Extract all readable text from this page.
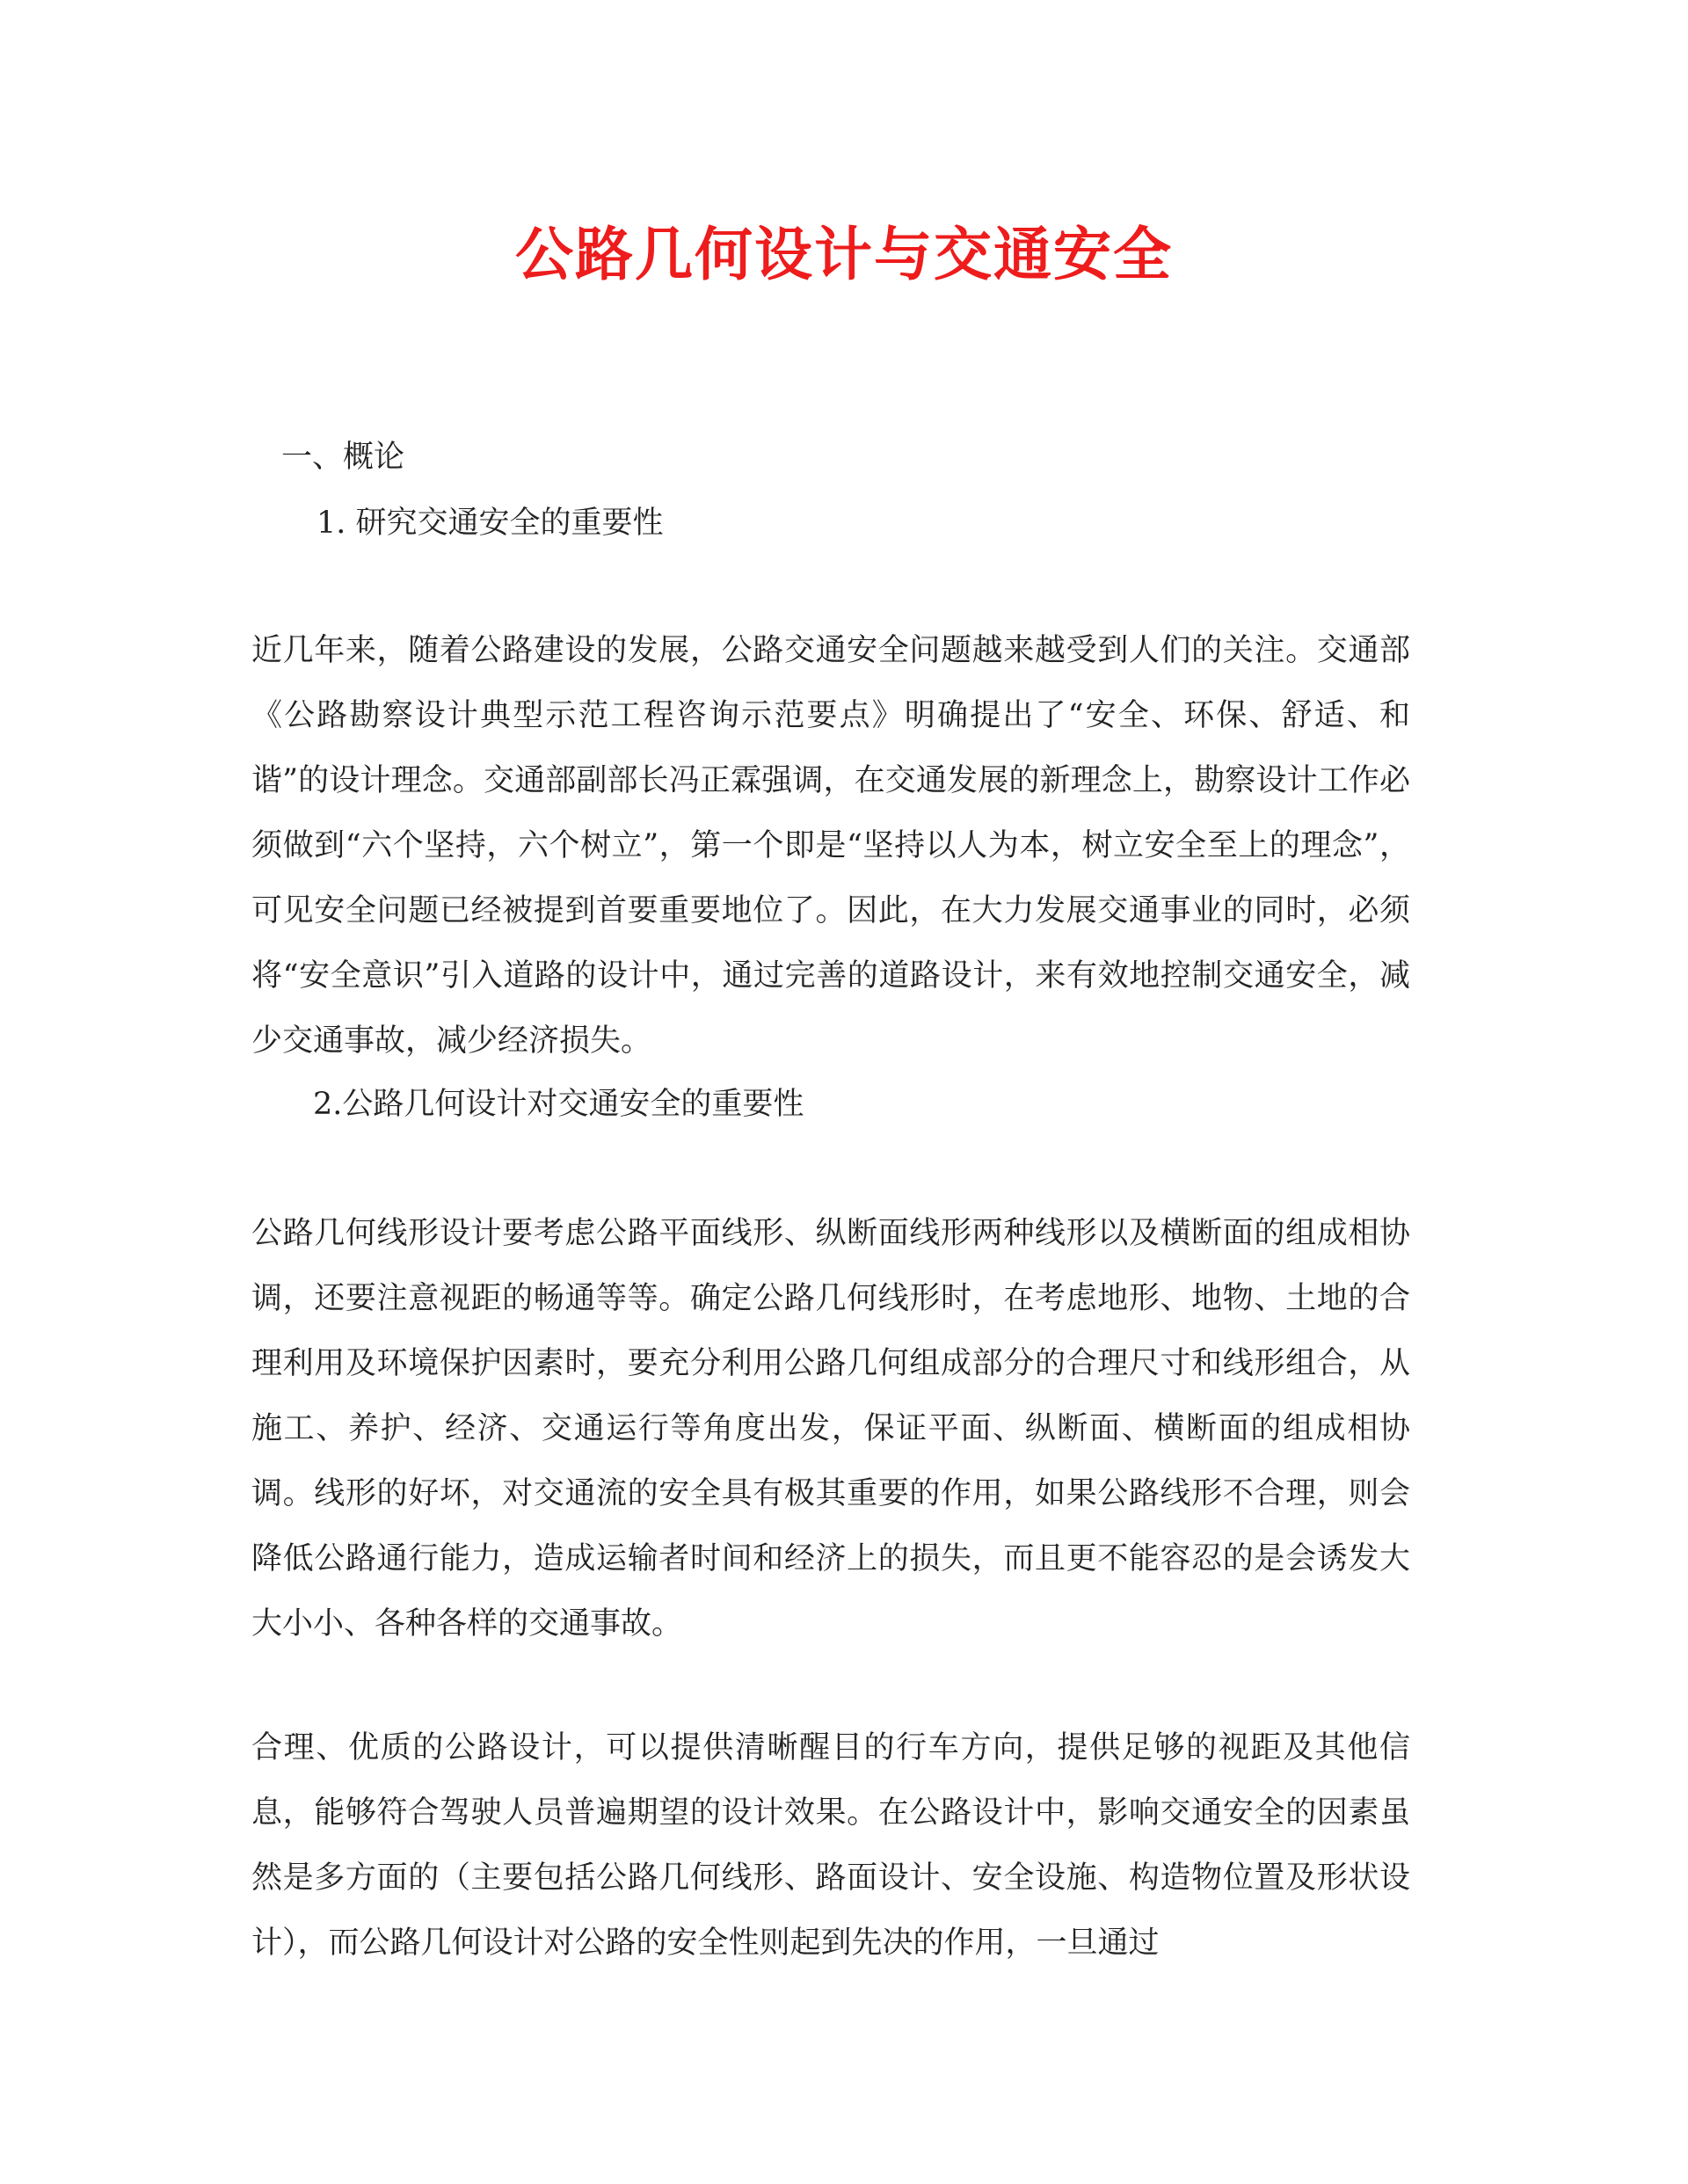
公路几何设计与交通安全
一、概论
1. 研究交通安全的重要性

近几年来，随着公路建设的发展，公路交通安全问题越来越受到人们的关注。交通部《公路勘察设计典型示范工程咨询示范要点》明确提出了“安全、环保、舒适、和谐”的设计理念。交通部副部长冯正霖强调，在交通发展的新理念上，勘察设计工作必须做到“六个坚持，六个树立”，第一个即是“坚持以人为本，树立安全至上的理念”，可见安全问题已经被提到首要重要地位了。因此，在大力发展交通事业的同时，必须将“安全意识”引入道路的设计中，通过完善的道路设计，来有效地控制交通安全，减少交通事故，减少经济损失。

2.公路几何设计对交通安全的重要性

公路几何线形设计要考虑公路平面线形、纵断面线形两种线形以及横断面的组成相协调，还要注意视距的畅通等等。确定公路几何线形时，在考虑地形、地物、土地的合理利用及环境保护因素时，要充分利用公路几何组成部分的合理尺寸和线形组合，从施工、养护、经济、交通运行等角度出发，保证平面、纵断面、横断面的组成相协调。线形的好坏，对交通流的安全具有极其重要的作用，如果公路线形不合理，则会降低公路通行能力，造成运输者时间和经济上的损失，而且更不能容忍的是会诱发大大小小、各种各样的交通事故。

合理、优质的公路设计，可以提供清晰醒目的行车方向，提供足够的视距及其他信息，能够符合驾驶人员普遍期望的设计效果。在公路设计中，影响交通安全的因素虽然是多方面的（主要包括公路几何线形、路面设计、安全设施、构造物位置及形状设计），而公路几何设计对公路的安全性则起到先决的作用，一旦通过
